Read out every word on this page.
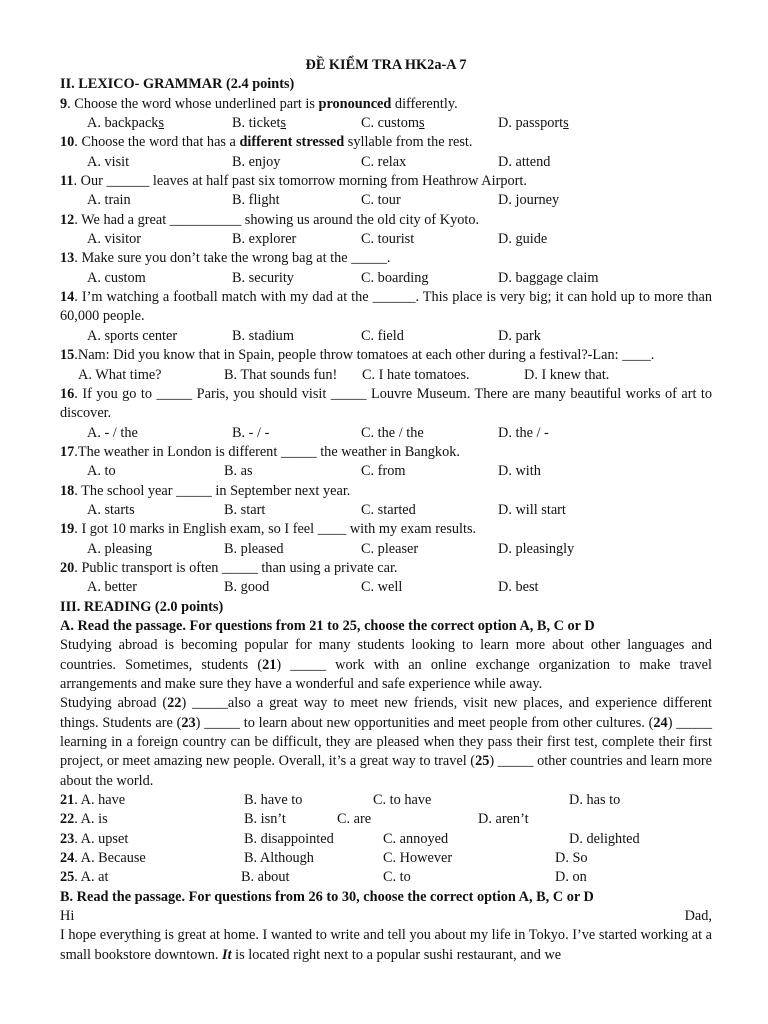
ĐỀ KIỂM TRA HK2a-A 7
II. LEXICO- GRAMMAR (2.4 points)
9. Choose the word whose underlined part is pronounced differently.
A. backpacks	B. tickets	C. customs	D. passports
10. Choose the word that has a different stressed syllable from the rest.
A. visit	B. enjoy	C. relax	D. attend
11. Our ______ leaves at half past six tomorrow morning from Heathrow Airport.
A. train	B. flight	C. tour	D. journey
12. We had a great __________ showing us around the old city of Kyoto.
A. visitor	B. explorer	C. tourist	D. guide
13. Make sure you don’t take the wrong bag at the _____.
A. custom	B. security	C. boarding	D. baggage claim
14. I’m watching a football match with my dad at the ______. This place is very big; it can hold up to more than 60,000 people.
A. sports center	B. stadium	C. field	D. park
15.Nam: Did you know that in Spain, people throw tomatoes at each other during a festival?-Lan: ____.
A. What time?	B. That sounds fun! C. I hate tomatoes.	D. I knew that.
16. If you go to _____ Paris, you should visit _____ Louvre Museum. There are many beautiful works of art to discover.
A. - / the	B. - / -	C. the / the	D. the / -
17.The weather in London is different _____ the weather in Bangkok.
A. to	B. as	C. from	D. with
18. The school year _____ in September next year.
A. starts	B. start	C. started	D. will start
19. I got 10 marks in English exam, so I feel ____ with my exam results.
A. pleasing	B. pleased	C. pleaser	D. pleasingly
20. Public transport is often _____ than using a private car.
A. better	B. good	C. well	D. best
III. READING (2.0 points)
A. Read the passage. For questions from 21 to 25, choose the correct option A, B, C or D
Studying abroad is becoming popular for many students looking to learn more about other languages and countries. Sometimes, students (21) _____ work with an online exchange organization to make travel arrangements and make sure they have a wonderful and safe experience while away.
Studying abroad (22) _____also a great way to meet new friends, visit new places, and experience different things. Students are (23) _____ to learn about new opportunities and meet people from other cultures. (24) _____ learning in a foreign country can be difficult, they are pleased when they pass their first test, complete their first project, or meet amazing new people. Overall, it’s a great way to travel (25) _____ other countries and learn more about the world.
21. A. have	B. have to	C. to have	D. has to
22. A. is	B. isn’t	C. are	D. aren’t
23. A. upset	B. disappointed	C. annoyed	D. delighted
24. A. Because	B. Although	C. However	D. So
25. A. at	B. about	C. to	D. on
B. Read the passage. For questions from 26 to 30, choose the correct option A, B, C or D
Hi	Dad,
I hope everything is great at home. I wanted to write and tell you about my life in Tokyo. I’ve started working at a small bookstore downtown. It is located right next to a popular sushi restaurant, and we
